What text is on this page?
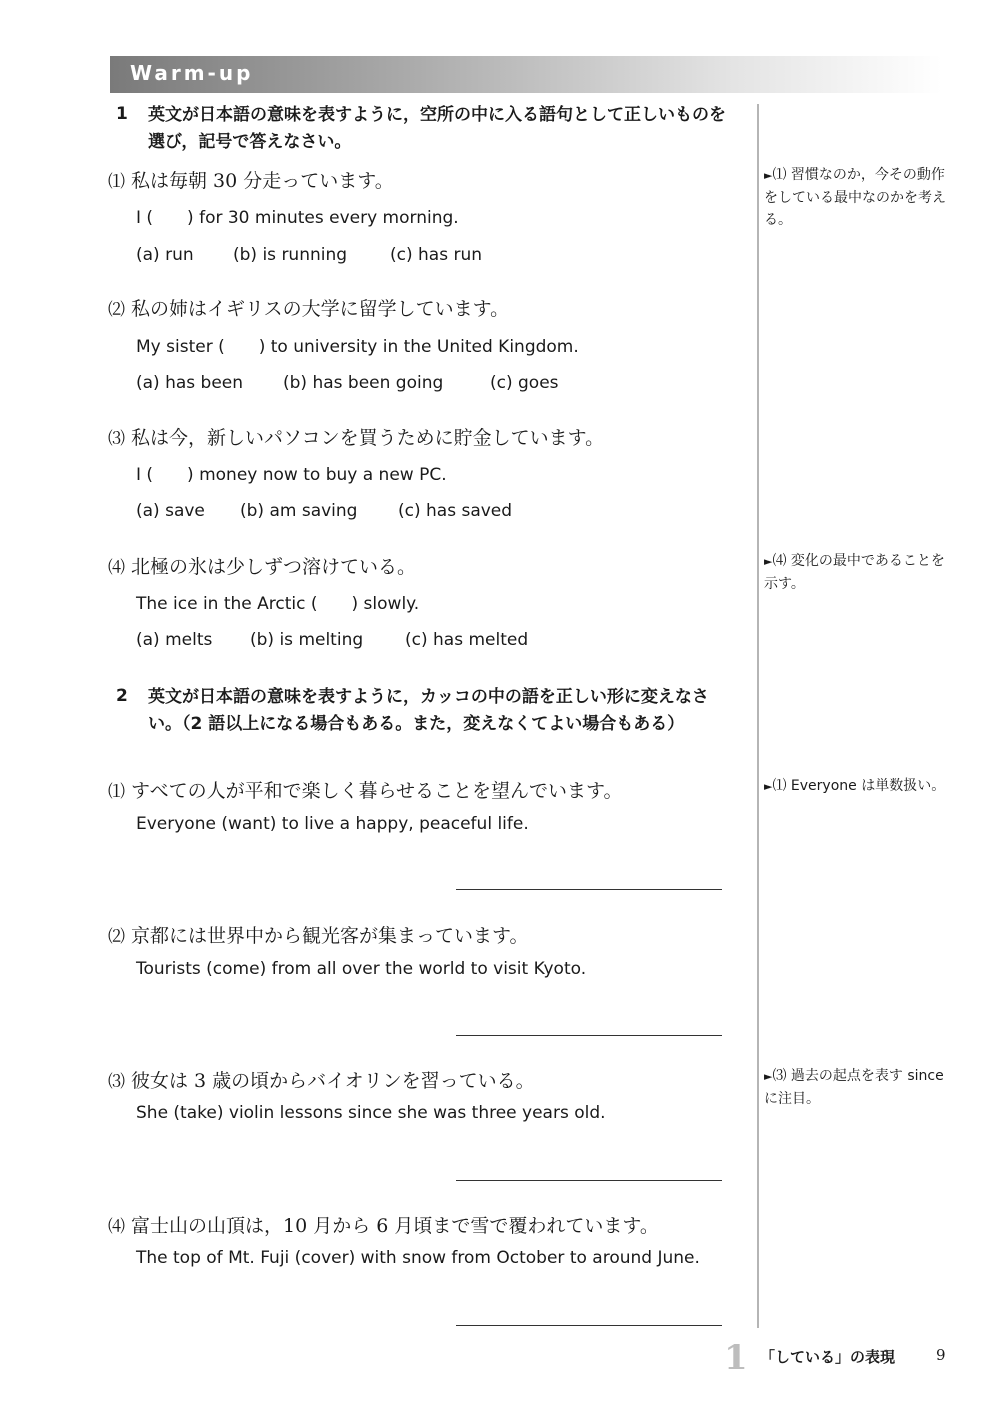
Warm-up
1 英文が日本語の意味を表すように，空所の中に入る語句として正しいものを選び，記号で答えなさい。
⑴ 私は毎朝 30 分走っています。
I (　　) for 30 minutes every morning.
(a) run (b) is running	(c) has run
⑵ 私の姉はイギリスの大学に留学しています。
My sister (　　) to university in the United Kingdom.
(a) has been (b) has been going	(c) goes
⑶ 私は今，新しいパソコンを買うために貯金しています。
I (　　) money now to buy a new PC.
(a) save (b) am saving (c) has saved
⑷ 北極の氷は少しずつ溶けている。
The ice in the Arctic (　　) slowly.
(a) melts (b) is melting (c) has melted
2 英文が日本語の意味を表すように，カッコの中の語を正しい形に変えなさい。（2 語以上になる場合もある。また，変えなくてよい場合もある）
⑴ すべての人が平和で楽しく暮らせることを望んでいます。
Everyone (want) to live a happy, peaceful life.
⑵ 京都には世界中から観光客が集まっています。
Tourists (come) from all over the world to visit Kyoto.
⑶ 彼女は 3 歳の頃からバイオリンを習っている。
She (take) violin lessons since she was three years old.
⑷ 富士山の山頂は，10 月から 6 月頃まで雪で覆われています。
The top of Mt. Fuji (cover) with snow from October to around June.
►⑴ 習慣なのか，今その動作をしている最中なのかを考える。
►⑷ 変化の最中であることを示す。
►⑴ Everyone は単数扱い。
►⑶ 過去の起点を表す since に注目。
1 「している」の表現	9
